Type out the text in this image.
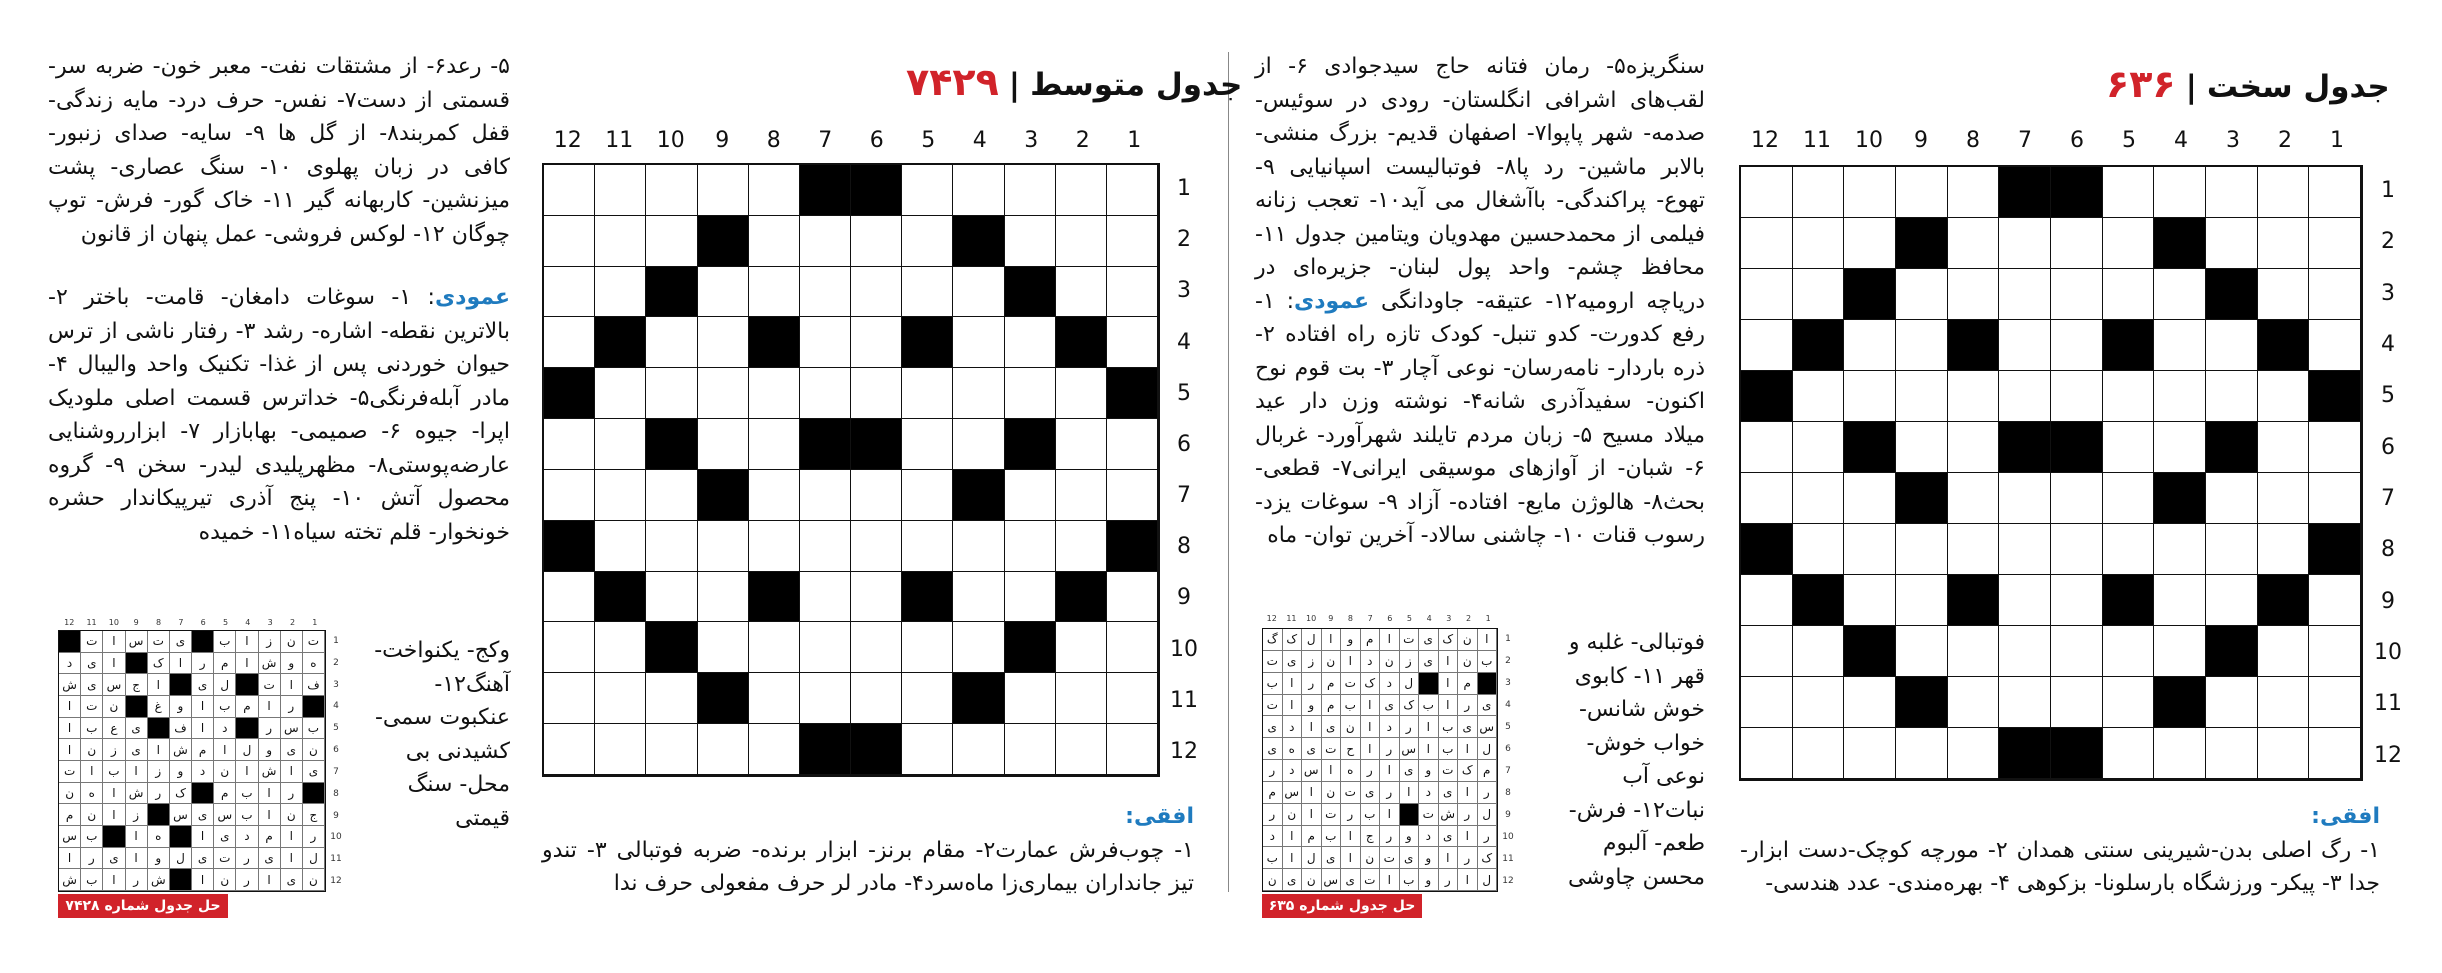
جدول سخت|۶۳۶
1
2
3
4
5
6
7
8
9
10
11
12
1
2
3
4
5
6
7
8
9
10
11
12
افقی:
۱- رگ اصلی بدن-شیرینی سنتی همدان ۲- مورچه کوچک-دست ابزار-جدا ۳- پیکر- ورزشگاه بارسلونا- بزکوهی ۴- بهره‌مندی- عدد هندسی-
سنگریزه۵- رمان فتانه حاج سیدجوادی ۶- از لقب‌های اشرافی انگلستان- رودی در سوئیس- صدمه- شهر پاپوا۷- اصفهان قدیم- بزرگ منشی- بالابر ماشین- رد پا۸- فوتبالیست اسپانیایی ۹- تهوع- پراکندگی- باآشغال می آید۱۰- تعجب زنانه فیلمی از محمدحسین مهدویان ویتامین جدول ۱۱- محافظ چشم- واحد پول لبنان- جزیره‌ای در دریاچه ارومیه۱۲- عتیقه- جاودانگی عمودی: ۱- رفع کدورت- کدو تنبل- کودک تازه راه افتاده ۲- ذره باردار- نامه‌رسان- نوعی آچار ۳- بت قوم نوح اکنون- سفیدآذری شانه۴- نوشته وزن دار عید میلاد مسیح ۵- زبان مردم تایلند شهرآورد- غربال ۶- شبان- از آوازهای موسیقی ایرانی۷- قطعی- بحث۸- هالوژن مایع- افتاده- آزاد ۹- سوغات یزد- رسوب قنات ۱۰- چاشنی سالاد- آخرین توان- ماه
فوتبالی- غلبه و
قهر ۱۱- کابوی
خوش شانس-
خواب خوش-
نوعی آب
نبات۱۲- فرش-
طعم- آلبوم
محسن چاوشی
1
2
3
4
5
6
7
8
9
10
11
12
ا
ن
ک
ی
ت
ا
م
و
ا
ل
ک
گ
ب
ن
ا
ی
ز
ن
د
ا
ن
ز
ی
ت
م
ا
ل
د
ک
ت
م
ر
ا
ب
ی
ر
ا
ب
ک
ی
ا
ب
م
و
ا
ت
س
ی
ب
ا
ر
د
ا
ن
ی
ا
د
ی
ل
ا
ب
ا
س
ر
ا
ح
ت
ی
ه
ی
م
ک
ت
و
ی
ا
ر
ه
ا
س
د
ر
ر
ا
ی
د
ا
ر
ی
ت
ن
ا
س
م
ل
ر
ش
ت
ا
ب
ر
ت
ا
ن
ر
ر
ا
ی
د
و
ر
ج
ا
ب
م
ا
د
ک
ر
ا
و
ی
ت
ن
ا
ی
ل
ا
ب
ل
ا
ر
و
ب
ا
ت
ی
س
ن
ی
ن
1
2
3
4
5
6
7
8
9
10
11
12
حل جدول شماره ۶۳۵
جدول متوسط|۷۴۲۹
1
2
3
4
5
6
7
8
9
10
11
12
1
2
3
4
5
6
7
8
9
10
11
12
افقی:
۱- چوب‌فرش عمارت۲- مقام برنز- ابزار برنده- ضربه فوتبالی ۳- تندو تیز جانداران بیماری‌زا ماه‌سرد۴- مادر لر حرف مفعولی حرف ندا
۵- رعد۶- از مشتقات نفت- معبر خون- ضربه سر- قسمتی از دست۷- نفس- حرف درد- مایه زندگی- قفل کمربند۸- از گل ها ۹- سایه- صدای زنبور- کافی در زبان پهلوی ۱۰- سنگ عصاری- پشت میزنشین- کاربهانه گیر ۱۱- خاک گور- فرش- توپ چوگان ۱۲- لوکس فروشی- عمل پنهان از قانون
عمودی: ۱- سوغات دامغان- قامت- باختر ۲- بالاترین نقطه- اشاره- رشد ۳- رفتار ناشی از ترس حیوان خوردنی پس از غذا- تکنیک واحد والیبال ۴- مادر آبله‌فرنگی۵- خداترس قسمت اصلی ملودیک اپرا- جیوه ۶- صمیمی- بهابازار ۷- ابزارروشنایی عارضه‌پوستی۸- مظهرپلیدی لیدر- سخن ۹- گروه محصول آتش ۱۰- پنج آذری تیرپیکاندار حشره خونخوار- قلم تخته سیاه۱۱- خمیده
وکج- یکنواخت-
آهنگ۱۲-
عنکبوت سمی-
کشیدنی بی
محل- سنگ
قیمتی
1
2
3
4
5
6
7
8
9
10
11
12
ت
ن
ز
ا
ب
ی
ت
س
ا
ت
ه
و
ش
ا
م
ر
ا
ک
ا
ی
د
ف
ا
ت
ل
ی
ا
ج
س
ی
ش
ر
ا
م
ب
ا
و
غ
ن
ت
ا
ب
س
ر
د
ا
ف
ی
ع
ب
ا
ن
ی
و
ل
ا
م
ش
ا
ی
ز
ن
ا
ی
ا
ش
ا
ن
د
و
ز
ا
ب
ا
ت
ر
ا
ب
م
ک
ر
ش
ا
ه
ن
ج
ن
ا
ب
س
ی
س
ز
ا
ن
م
ر
ا
م
د
ی
ا
ه
ا
ب
س
ل
ا
ی
ر
ت
ی
ل
و
ا
ی
ر
ا
ن
ی
ا
ر
ن
ا
ش
ر
ا
ب
ش
1
2
3
4
5
6
7
8
9
10
11
12
حل جدول شماره ۷۴۲۸
